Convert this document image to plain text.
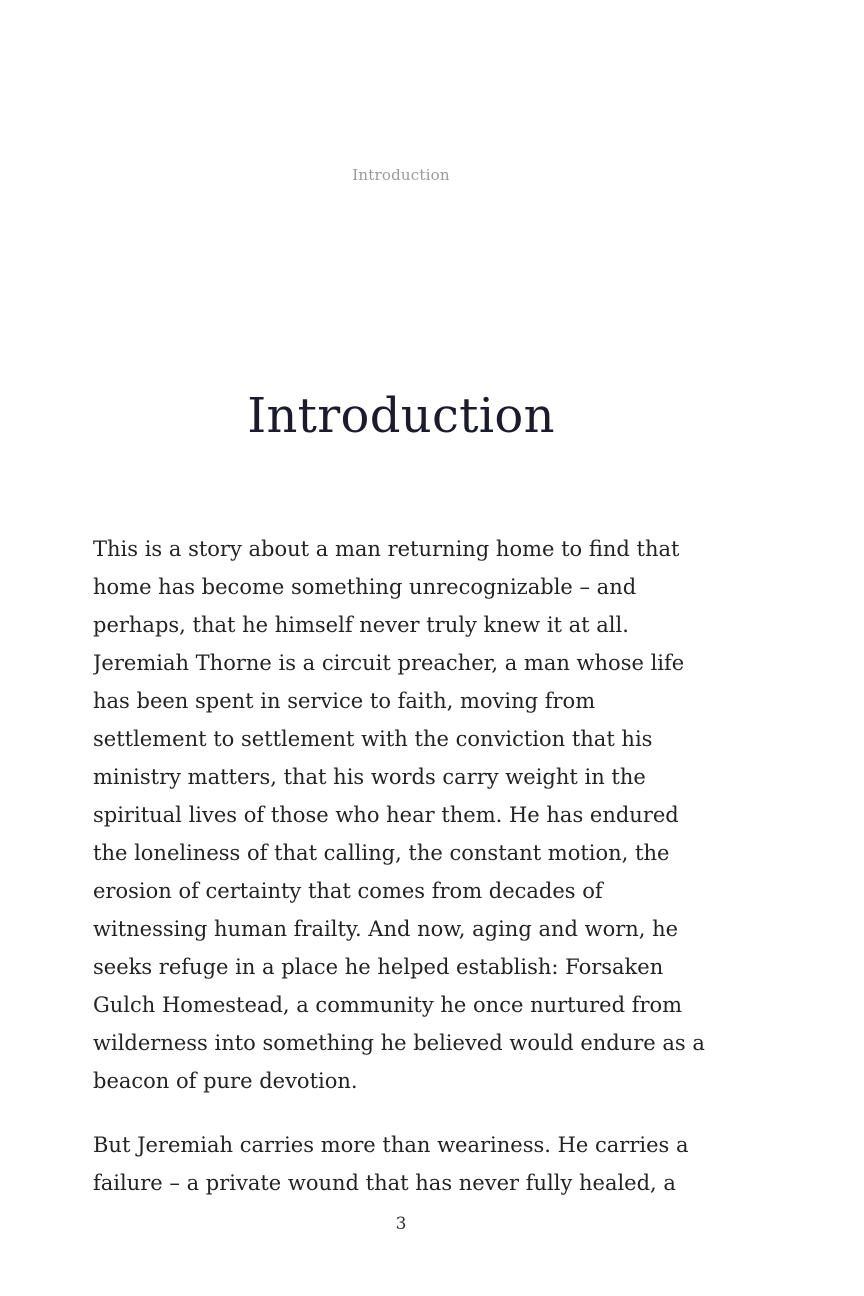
Introduction
Introduction

This is a story about a man returning home to find that home has become something unrecognizable – and perhaps, that he himself never truly knew it at all. Jeremiah Thorne is a circuit preacher, a man whose life has been spent in service to faith, moving from settlement to settlement with the conviction that his ministry matters, that his words carry weight in the spiritual lives of those who hear them. He has endured the loneliness of that calling, the constant motion, the erosion of certainty that comes from decades of witnessing human frailty. And now, aging and worn, he seeks refuge in a place he helped establish: Forsaken Gulch Homestead, a community he once nurtured from wilderness into something he believed would endure as a beacon of pure devotion.

But Jeremiah carries more than weariness. He carries a failure – a private wound that has never fully healed, a

3
